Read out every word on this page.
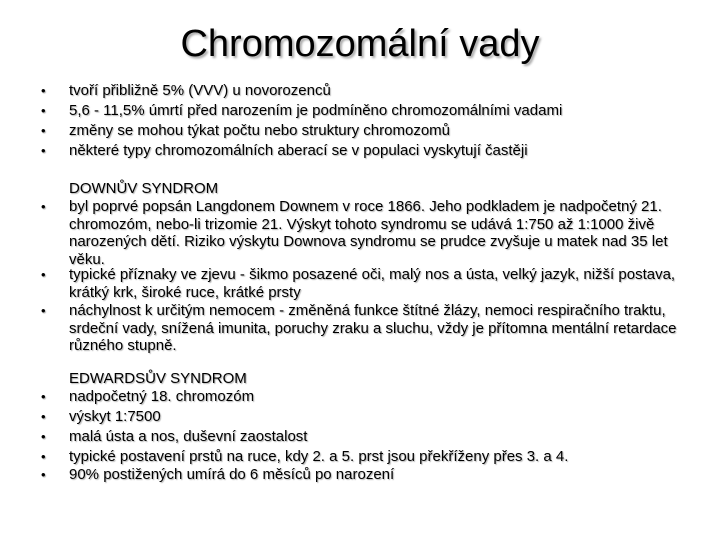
Chromozomální vady
• tvoří přibližně 5% (VVV) u novorozenců
• 5,6 - 11,5% úmrtí před narozením je podmíněno chromozomálními vadami
• změny se mohou týkat počtu nebo struktury chromozomů
• některé typy chromozomálních aberací se v populaci vyskytují častěji
DOWNŮV SYNDROM
• byl poprvé popsán Langdonem Downem v roce 1866. Jeho podkladem je nadpočetný 21. chromozóm, nebo-li trizomie 21. Výskyt tohoto syndromu se udává 1:750 až 1:1000 živě narozených dětí. Riziko výskytu Downova syndromu se prudce zvyšuje u matek nad 35 let věku.
• typické příznaky ve zjevu - šikmo posazené oči, malý nos a ústa, velký jazyk, nižší postava, krátký krk, široké ruce, krátké prsty
• náchylnost k určitým nemocem - změněná funkce štítné žlázy, nemoci respiračního traktu, srdeční vady, snížená imunita, poruchy zraku a sluchu, vždy je přítomna mentální retardace různého stupně.
EDWARDSŮV SYNDROM
• nadpočetný 18. chromozóm
• výskyt 1:7500
• malá ústa a nos, duševní zaostalost
• typické postavení prstů na ruce, kdy 2. a 5. prst jsou překříženy přes 3. a 4.
• 90% postižených umírá do 6 měsíců po narození
